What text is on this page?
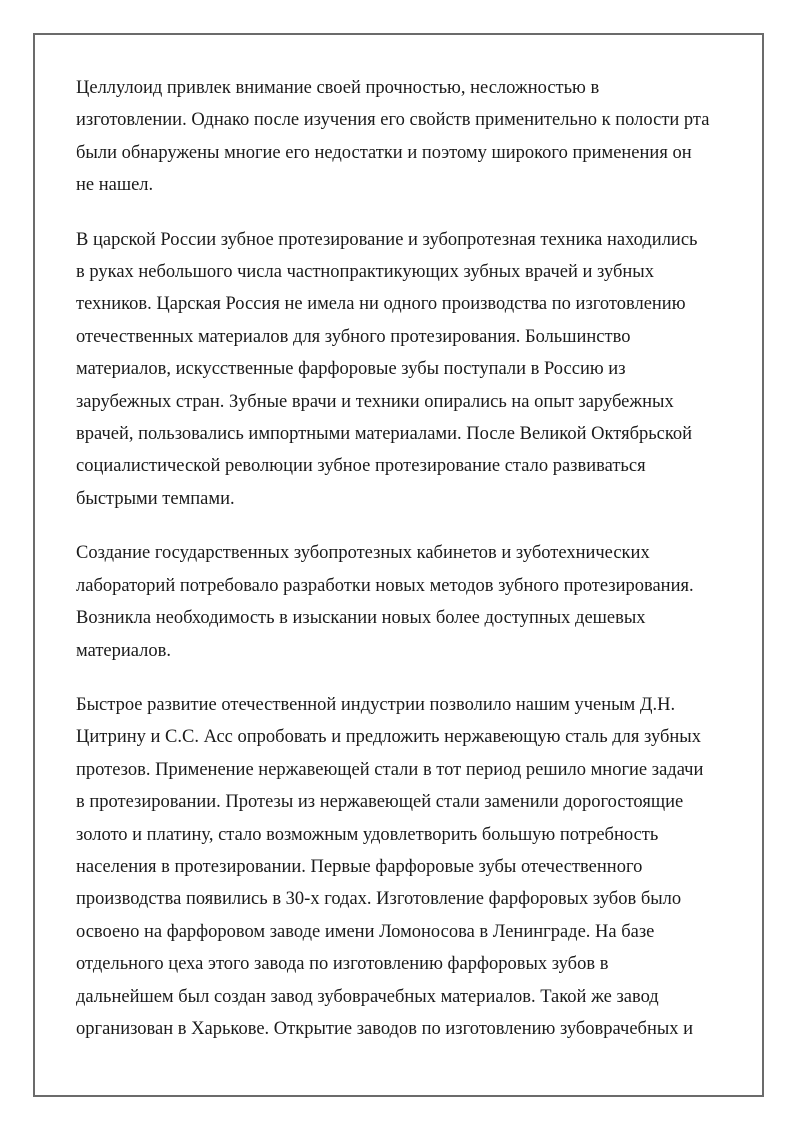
Целлулоид привлек внимание своей прочностью, несложностью в
изготовлении. Однако после изучения его свойств применительно к полости рта
были обнаружены многие его недостатки и поэтому широкого применения он
не нашел.

В царской России зубное протезирование и зубопротезная техника находились
в руках небольшого числа частнопрактикующих зубных врачей и зубных
техников. Царская Россия не имела ни одного производства по изготовлению
отечественных материалов для зубного протезирования. Большинство
материалов, искусственные фарфоровые зубы поступали в Россию из
зарубежных стран. Зубные врачи и техники опирались на опыт зарубежных
врачей, пользовались импортными материалами. После Великой Октябрьской
социалистической революции зубное протезирование стало развиваться
быстрыми темпами.

Создание государственных зубопротезных кабинетов и зуботехнических
лабораторий потребовало разработки новых методов зубного протезирования.
Возникла необходимость в изыскании новых более доступных дешевых
материалов.

Быстрое развитие отечественной индустрии позволило нашим ученым Д.Н.
Цитрину и С.С. Асс опробовать и предложить нержавеющую сталь для зубных
протезов. Применение нержавеющей стали в тот период решило многие задачи
в протезировании. Протезы из нержавеющей стали заменили дорогостоящие
золото и платину, стало возможным удовлетворить большую потребность
населения в протезировании. Первые фарфоровые зубы отечественного
производства появились в 30-х годах. Изготовление фарфоровых зубов было
освоено на фарфоровом заводе имени Ломоносова в Ленинграде. На базе
отдельного цеха этого завода по изготовлению фарфоровых зубов в
дальнейшем был создан завод зубоврачебных материалов. Такой же завод
организован в Харькове. Открытие заводов по изготовлению зубоврачебных и
